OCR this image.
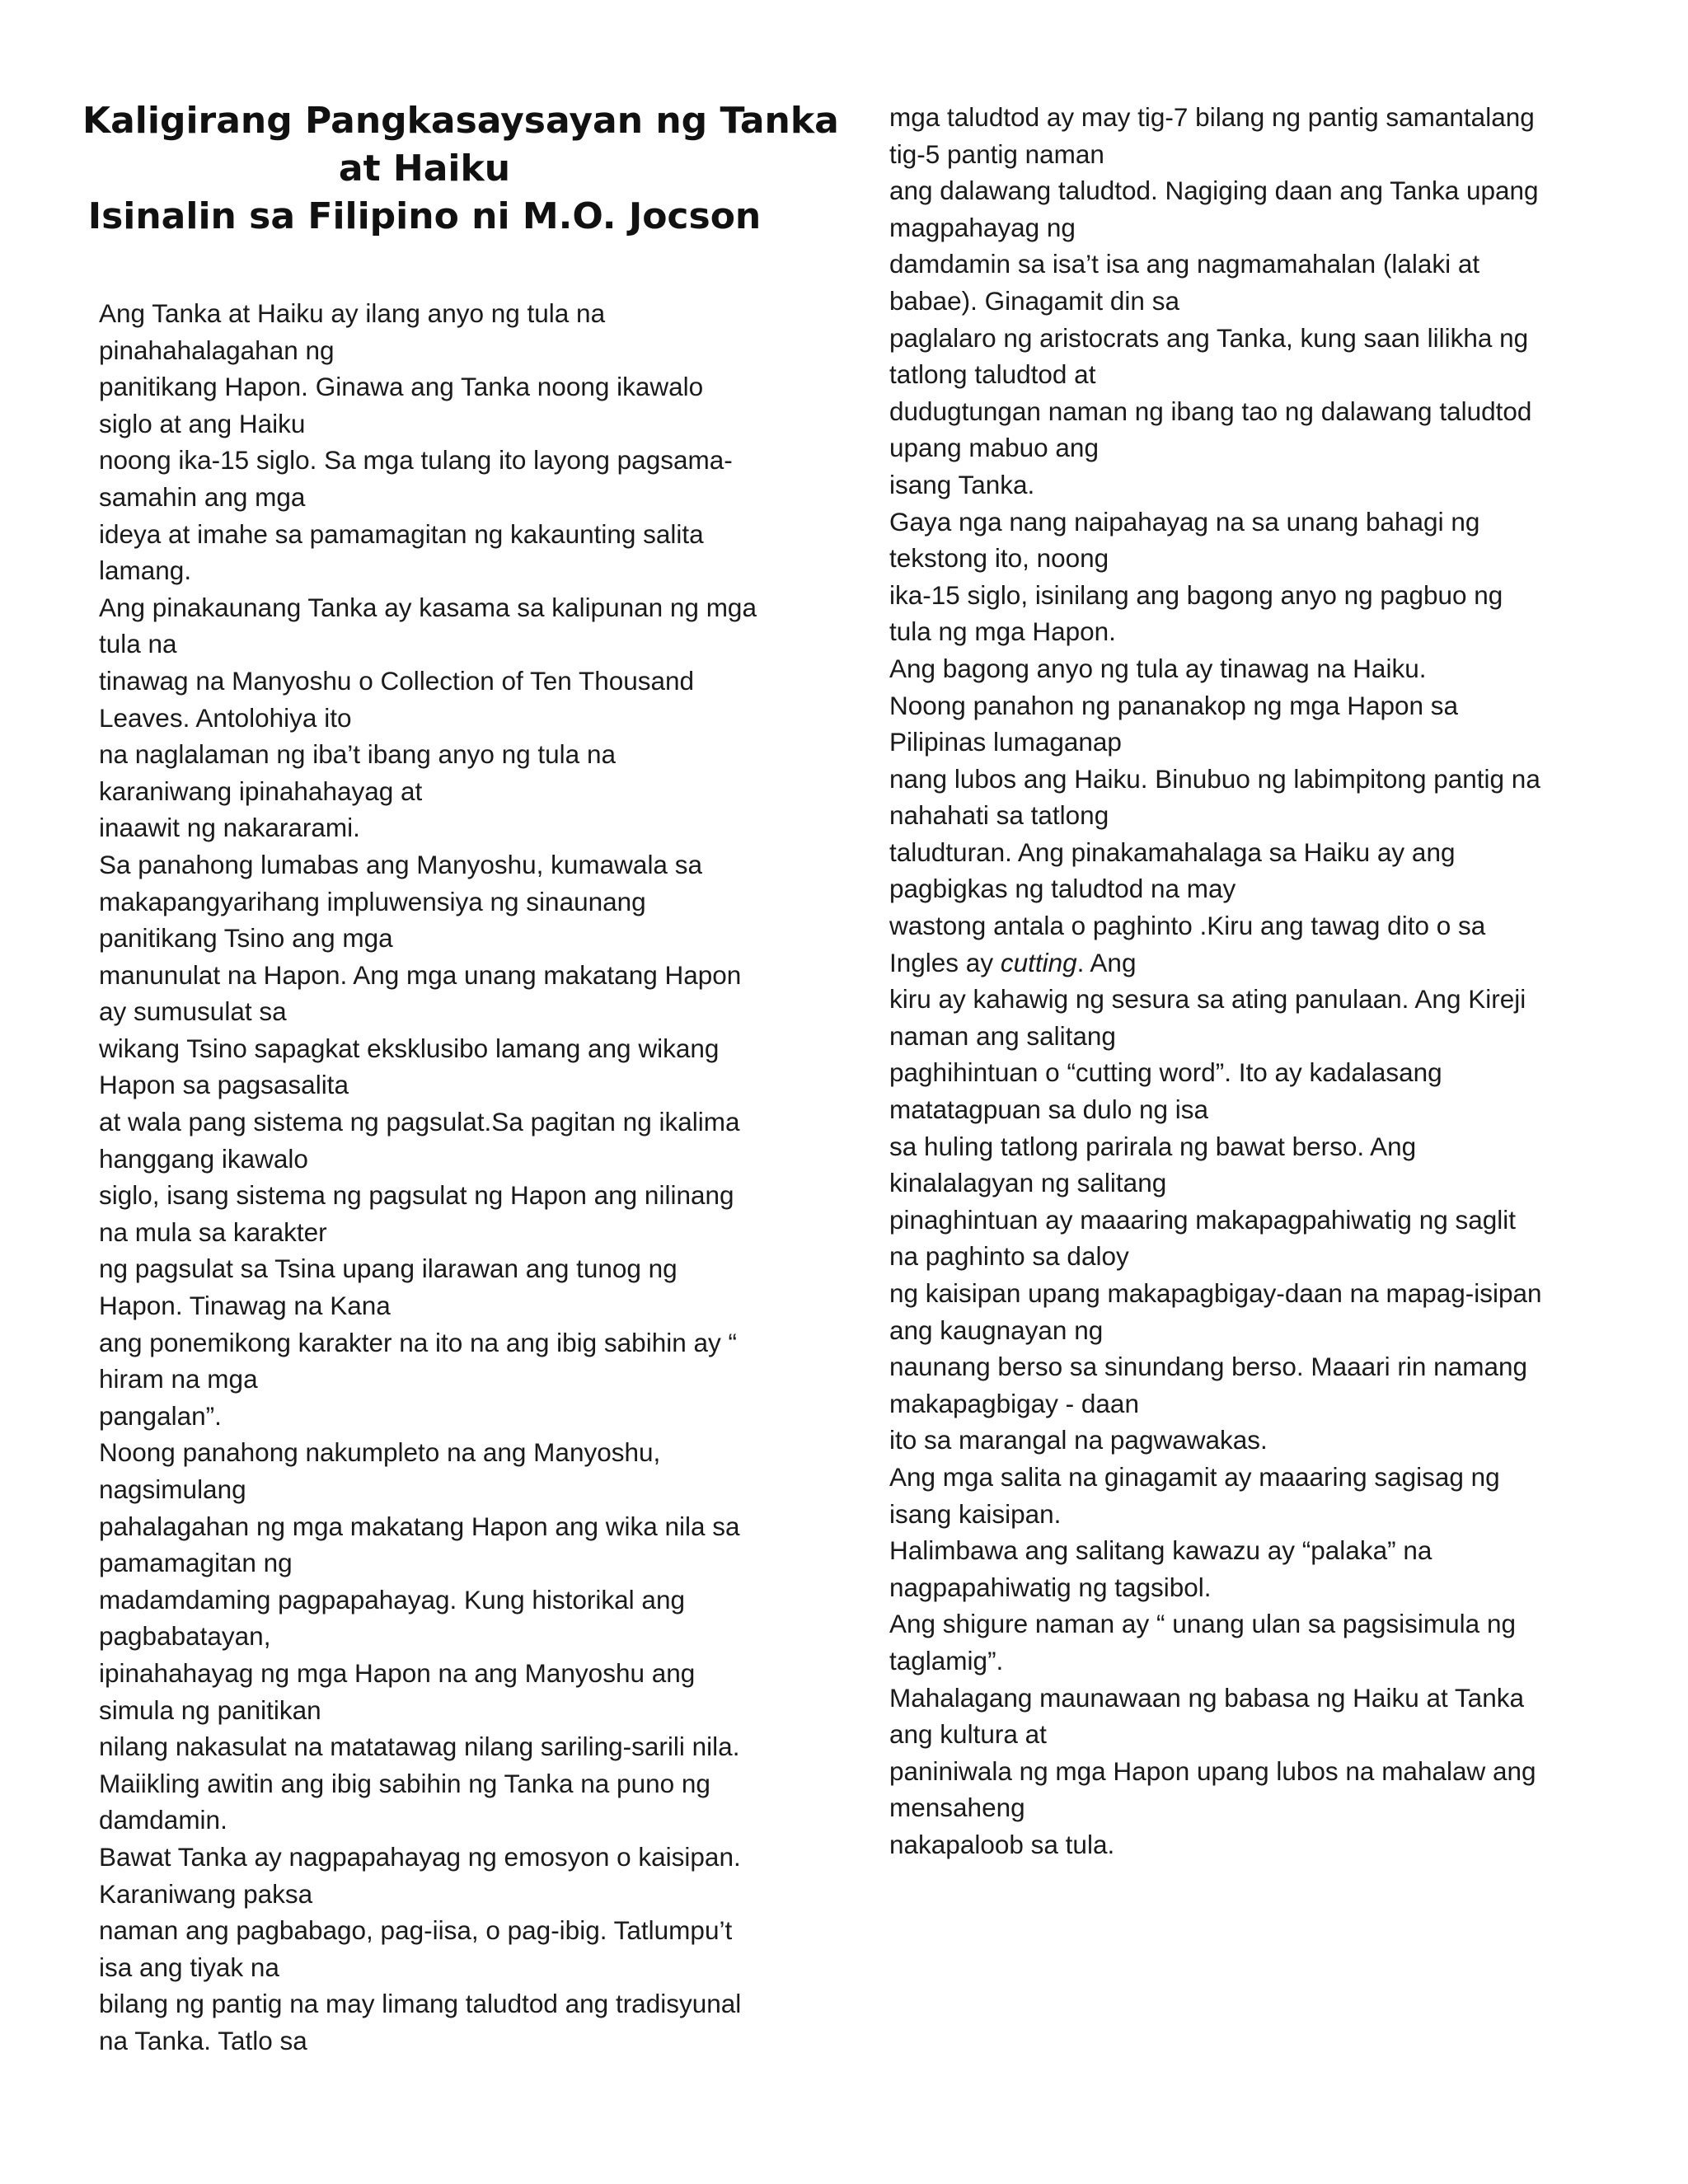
Kaligirang Pangkasaysayan ng Tanka
at Haiku
Isinalin sa Filipino ni M.O. Jocson
Ang Tanka at Haiku ay ilang anyo ng tula na
pinahahalagahan ng
panitikang Hapon. Ginawa ang Tanka noong ikawalo
siglo at ang Haiku
noong ika-15 siglo. Sa mga tulang ito layong pagsama-
samahin ang mga
ideya at imahe sa pamamagitan ng kakaunting salita
lamang.
Ang pinakaunang Tanka ay kasama sa kalipunan ng mga
tula na
tinawag na Manyoshu o Collection of Ten Thousand
Leaves. Antolohiya ito
na naglalaman ng iba’t ibang anyo ng tula na
karaniwang ipinahahayag at
inaawit ng nakararami.
Sa panahong lumabas ang Manyoshu, kumawala sa
makapangyarihang impluwensiya ng sinaunang
panitikang Tsino ang mga
manunulat na Hapon. Ang mga unang makatang Hapon
ay sumusulat sa
wikang Tsino sapagkat eksklusibo lamang ang wikang
Hapon sa pagsasalita
at wala pang sistema ng pagsulat.Sa pagitan ng ikalima
hanggang ikawalo
siglo, isang sistema ng pagsulat ng Hapon ang nilinang
na mula sa karakter
ng pagsulat sa Tsina upang ilarawan ang tunog ng
Hapon. Tinawag na Kana
ang ponemikong karakter na ito na ang ibig sabihin ay “
hiram na mga
pangalan”.
Noong panahong nakumpleto na ang Manyoshu,
nagsimulang
pahalagahan ng mga makatang Hapon ang wika nila sa
pamamagitan ng
madamdaming pagpapahayag. Kung historikal ang
pagbabatayan,
ipinahahayag ng mga Hapon na ang Manyoshu ang
simula ng panitikan
nilang nakasulat na matatawag nilang sariling-sarili nila.
Maiikling awitin ang ibig sabihin ng Tanka na puno ng
damdamin.
Bawat Tanka ay nagpapahayag ng emosyon o kaisipan.
Karaniwang paksa
naman ang pagbabago, pag-iisa, o pag-ibig. Tatlumpu’t
isa ang tiyak na
bilang ng pantig na may limang taludtod ang tradisyunal
na Tanka. Tatlo sa
mga taludtod ay may tig-7 bilang ng pantig samantalang
tig-5 pantig naman
ang dalawang taludtod. Nagiging daan ang Tanka upang
magpahayag ng
damdamin sa isa’t isa ang nagmamahalan (lalaki at
babae). Ginagamit din sa
paglalaro ng aristocrats ang Tanka, kung saan lilikha ng
tatlong taludtod at
dudugtungan naman ng ibang tao ng dalawang taludtod
upang mabuo ang
isang Tanka.
Gaya nga nang naipahayag na sa unang bahagi ng
tekstong ito, noong
ika-15 siglo, isinilang ang bagong anyo ng pagbuo ng
tula ng mga Hapon.
Ang bagong anyo ng tula ay tinawag na Haiku.
Noong panahon ng pananakop ng mga Hapon sa
Pilipinas lumaganap
nang lubos ang Haiku. Binubuo ng labimpitong pantig na
nahahati sa tatlong
taludturan. Ang pinakamahalaga sa Haiku ay ang
pagbigkas ng taludtod na may
wastong antala o paghinto .Kiru ang tawag dito o sa
Ingles ay cutting. Ang
kiru ay kahawig ng sesura sa ating panulaan. Ang Kireji
naman ang salitang
paghihintuan o “cutting word”. Ito ay kadalasang
matatagpuan sa dulo ng isa
sa huling tatlong parirala ng bawat berso. Ang
kinalalagyan ng salitang
pinaghintuan ay maaaring makapagpahiwatig ng saglit
na paghinto sa daloy
ng kaisipan upang makapagbigay-daan na mapag-isipan
ang kaugnayan ng
naunang berso sa sinundang berso. Maaari rin namang
makapagbigay - daan
ito sa marangal na pagwawakas.
Ang mga salita na ginagamit ay maaaring sagisag ng
isang kaisipan.
Halimbawa ang salitang kawazu ay “palaka” na
nagpapahiwatig ng tagsibol.
Ang shigure naman ay “ unang ulan sa pagsisimula ng
taglamig”.
Mahalagang maunawaan ng babasa ng Haiku at Tanka
ang kultura at
paniniwala ng mga Hapon upang lubos na mahalaw ang
mensaheng
nakapaloob sa tula.
